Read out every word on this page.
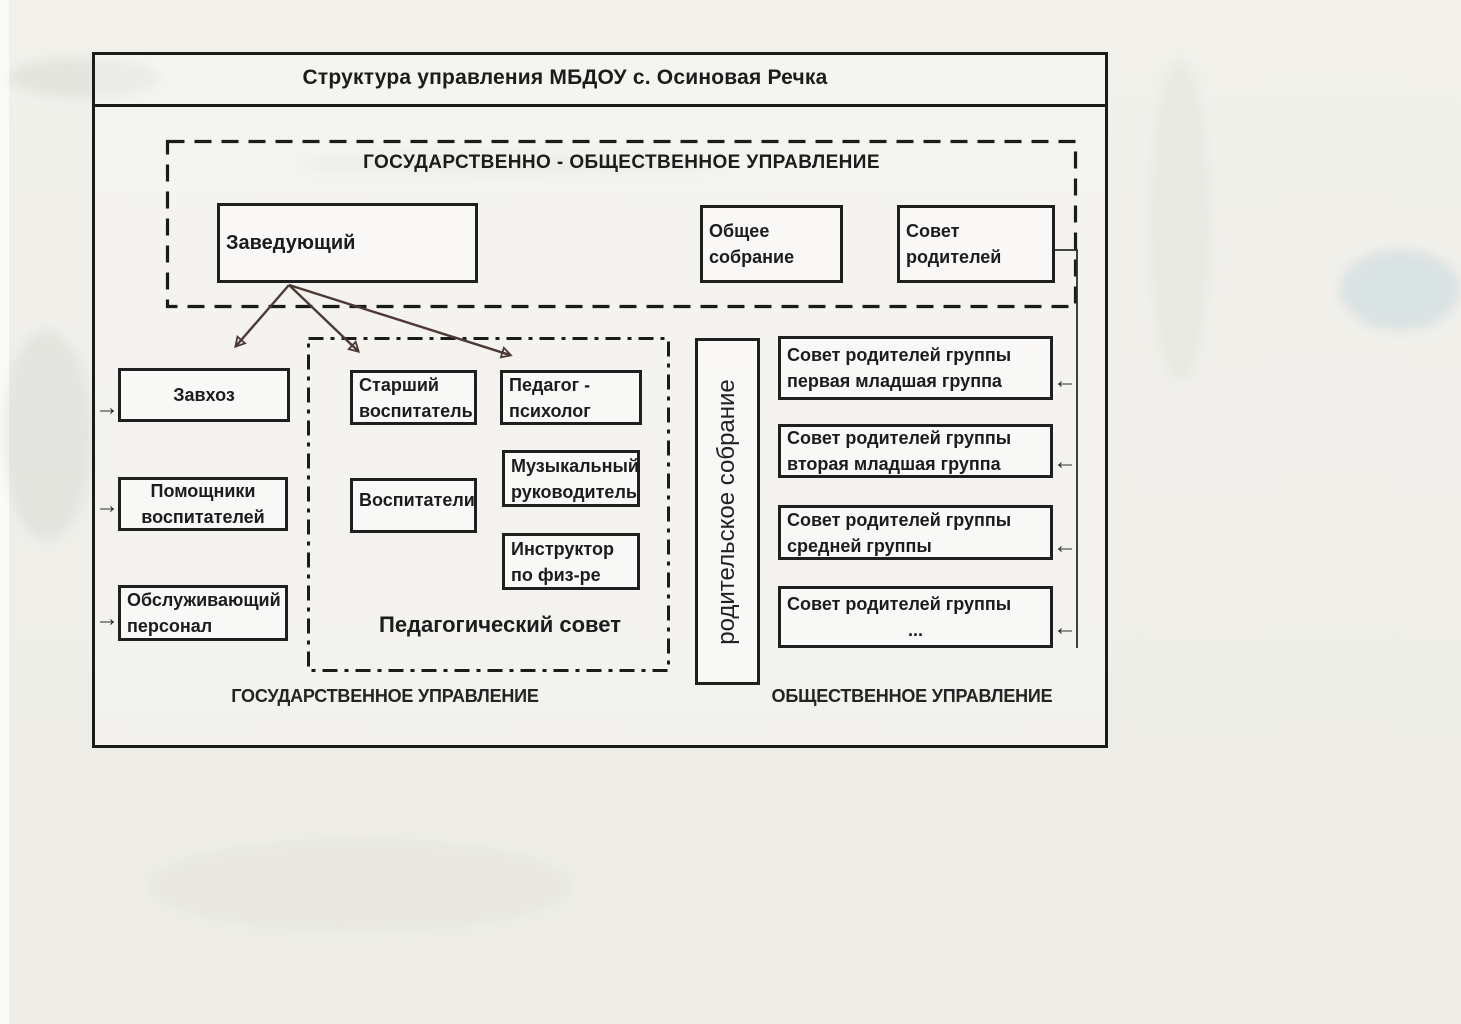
Структура управления МБДОУ с. Осиновая Речка
ГОСУДАРСТВЕННО - ОБЩЕСТВЕННОЕ УПРАВЛЕНИЕ
Заведующий
Общее
собрание
Совет
родителей
Завхоз
Помощники
воспитателей
Обслуживающий
персонал
→
→
→
Старший
воспитатель
Педагог -
психолог
Воспитатели
Музыкальный
руководитель
Инструктор
по физ-ре
Педагогический совет	родительское собрание
Совет родителей группы
первая младшая группа
Совет родителей группы
вторая младшая группа
Совет родителей группы
средней группы
Совет родителей группы
...
←
←
←
←
ГОСУДАРСТВЕННОЕ УПРАВЛЕНИЕ	ОБЩЕСТВЕННОЕ УПРАВЛЕНИЕ
